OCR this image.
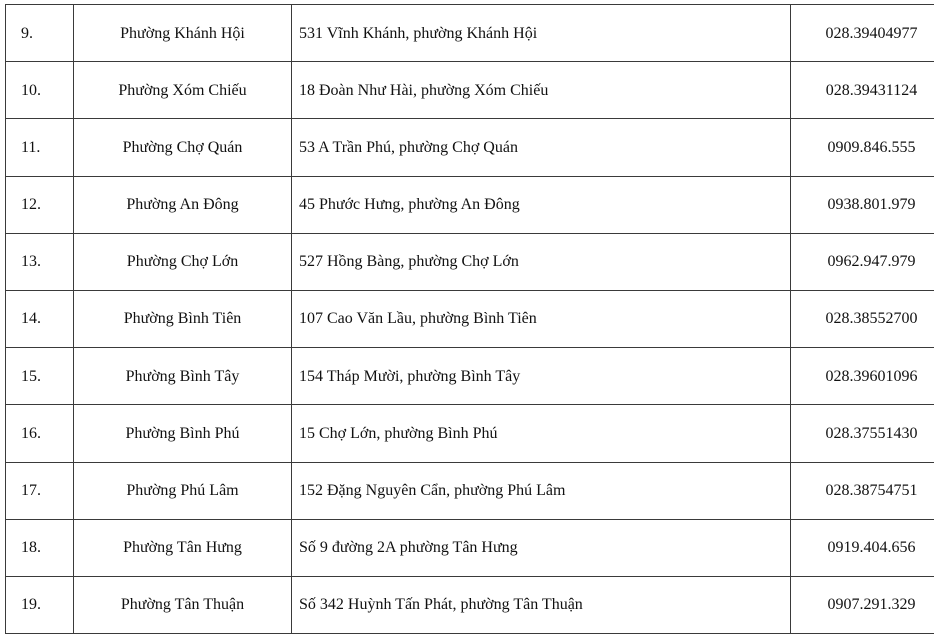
9.	Phường Khánh Hội	531 Vĩnh Khánh, phường Khánh Hội	028.39404977
10.	Phường Xóm Chiếu	18 Đoàn Như Hài, phường Xóm Chiếu	028.39431124
11.	Phường Chợ Quán	53 A Trần Phú, phường Chợ Quán	0909.846.555
12.	Phường An Đông	45 Phước Hưng, phường An Đông	0938.801.979
13.	Phường Chợ Lớn	527 Hồng Bàng, phường Chợ Lớn	0962.947.979
14.	Phường Bình Tiên	107 Cao Văn Lầu, phường Bình Tiên	028.38552700
15.	Phường Bình Tây	154 Tháp Mười, phường Bình Tây	028.39601096
16.	Phường Bình Phú	15 Chợ Lớn, phường Bình Phú	028.37551430
17.	Phường Phú Lâm	152 Đặng Nguyên Cẩn, phường Phú Lâm	028.38754751
18.	Phường Tân Hưng	Số 9 đường 2A phường Tân Hưng	0919.404.656
19.	Phường Tân Thuận	Số 342 Huỳnh Tấn Phát, phường Tân Thuận	0907.291.329
